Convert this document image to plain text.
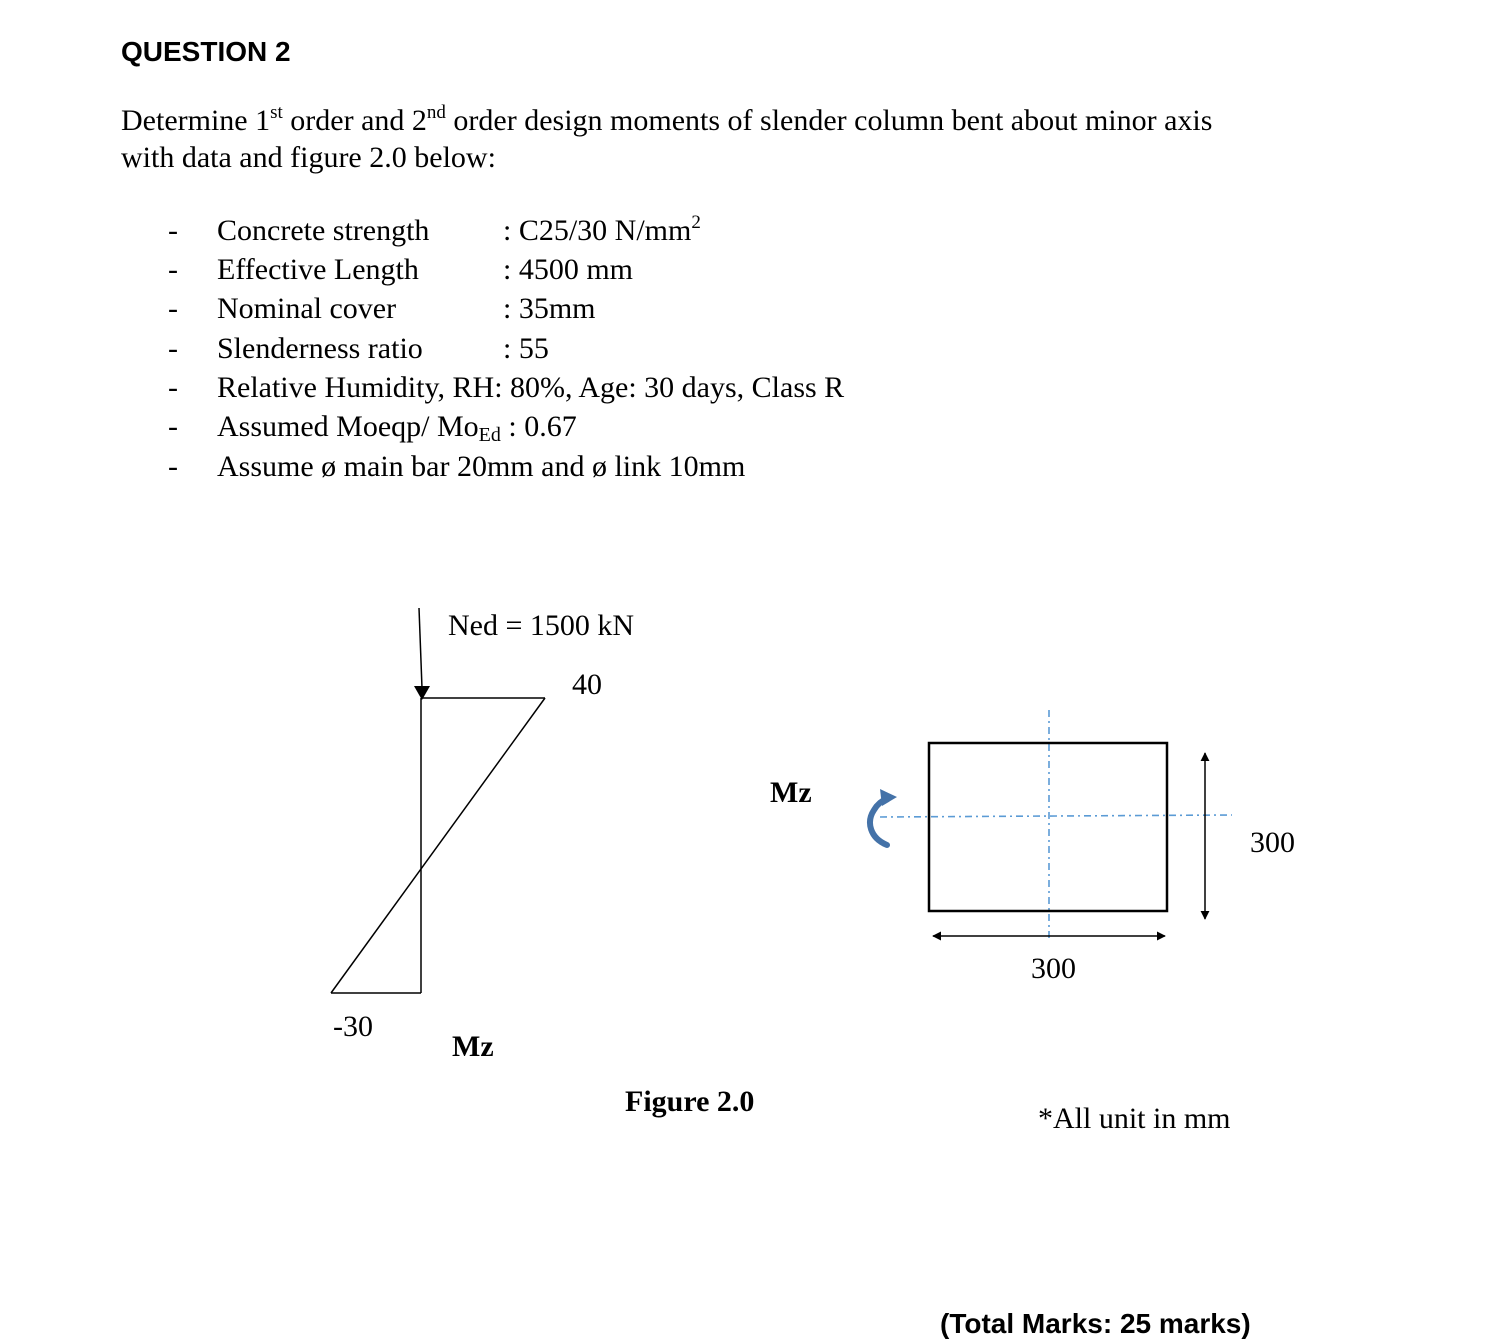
QUESTION 2
Determine 1st order and 2nd order design moments of slender column bent about minor axis
with data and figure 2.0 below:
- Concrete strength : C25/30 $N/mm^2$
- Effective Length	: 4500 mm
- Nominal cover	: 35mm
- Slenderness ratio	: 55
- Relative Humidity, RH: 80%, Age: 30 days, Class R
- Assumed Moeqp/ $Mo_{Ed}$ : 0.67
- Assume ø main bar 20mm and ø link 10mm
Ned = 1500 kN
40
-30
Mz
Mz
300
300
Figure 2.0
*All unit in mm
(Total Marks: 25 marks)
